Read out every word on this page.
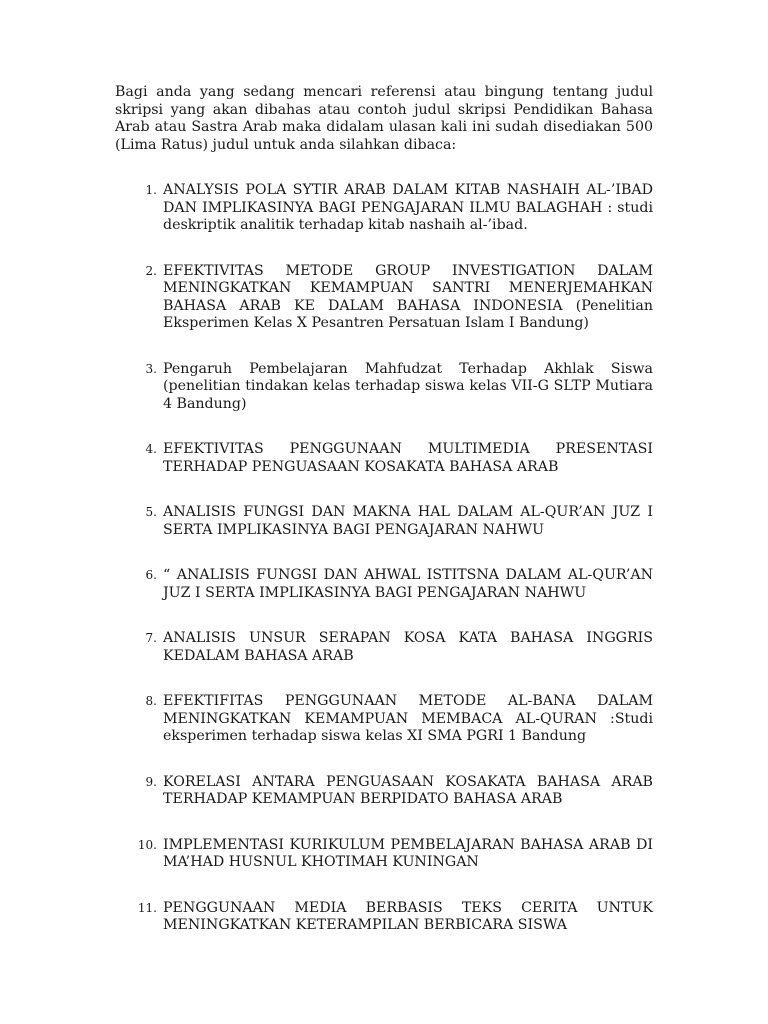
Bagi anda yang sedang mencari referensi atau bingung tentang judul skripsi yang akan dibahas atau contoh judul skripsi Pendidikan Bahasa Arab atau Sastra Arab maka didalam ulasan kali ini sudah disediakan 500 (Lima Ratus) judul untuk anda silahkan dibaca:

1. ANALYSIS POLA SYTIR ARAB DALAM KITAB NASHAIH AL-’IBAD DAN IMPLIKASINYA BAGI PENGAJARAN ILMU BALAGHAH : studi deskriptik analitik terhadap kitab nashaih al-’ibad.
2. EFEKTIVITAS METODE GROUP INVESTIGATION DALAM MENINGKATKAN KEMAMPUAN SANTRI MENERJEMAHKAN BAHASA ARAB KE DALAM BAHASA INDONESIA (Penelitian Eksperimen Kelas X Pesantren Persatuan Islam I Bandung)
3. Pengaruh Pembelajaran Mahfudzat Terhadap Akhlak Siswa (penelitian tindakan kelas terhadap siswa kelas VII-G SLTP Mutiara 4 Bandung)
4. EFEKTIVITAS PENGGUNAAN MULTIMEDIA PRESENTASI TERHADAP PENGUASAAN KOSAKATA BAHASA ARAB
5. ANALISIS FUNGSI DAN MAKNA HAL DALAM AL-QUR’AN JUZ I SERTA IMPLIKASINYA BAGI PENGAJARAN NAHWU
6. “ ANALISIS FUNGSI DAN AHWAL ISTITSNA DALAM AL-QUR’AN JUZ I SERTA IMPLIKASINYA BAGI PENGAJARAN NAHWU
7. ANALISIS UNSUR SERAPAN KOSA KATA BAHASA INGGRIS KEDALAM BAHASA ARAB
8. EFEKTIFITAS PENGGUNAAN METODE AL-BANA DALAM MENINGKATKAN KEMAMPUAN MEMBACA AL-QURAN :Studi eksperimen terhadap siswa kelas XI SMA PGRI 1 Bandung
9. KORELASI ANTARA PENGUASAAN KOSAKATA BAHASA ARAB TERHADAP KEMAMPUAN BERPIDATO BAHASA ARAB
10. IMPLEMENTASI KURIKULUM PEMBELAJARAN BAHASA ARAB DI MA’HAD HUSNUL KHOTIMAH KUNINGAN
11. PENGGUNAAN MEDIA BERBASIS TEKS CERITA UNTUK MENINGKATKAN KETERAMPILAN BERBICARA SISWA
